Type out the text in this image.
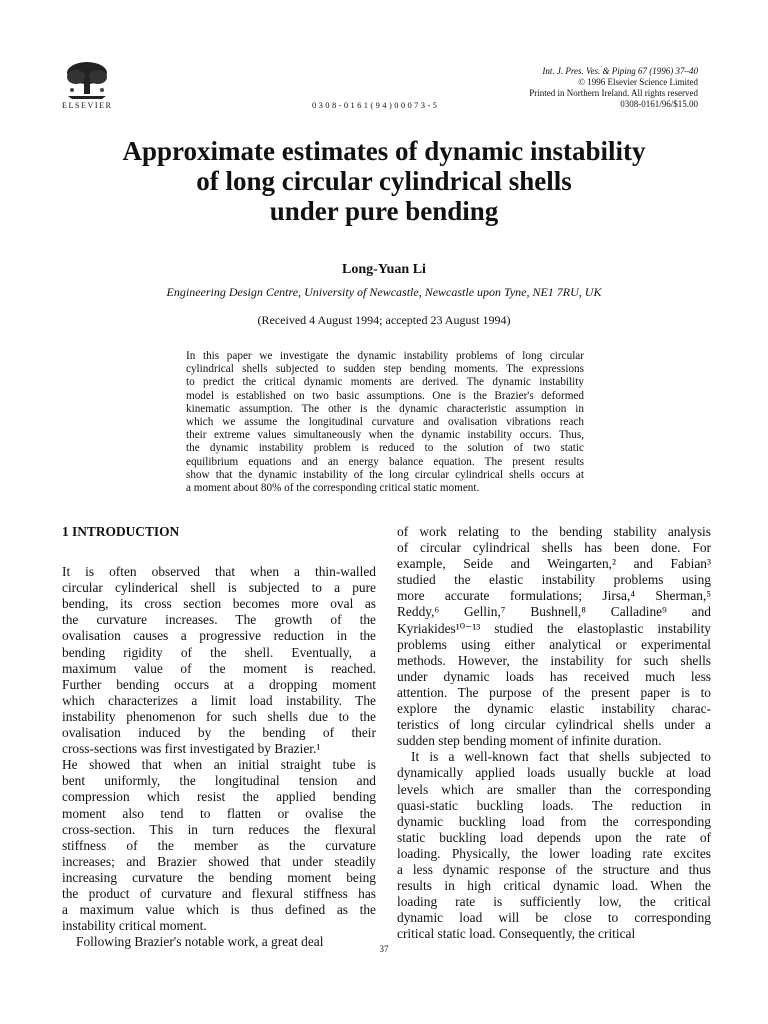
ELSEVIER	0308-0161(94)00073-5
Int. J. Pres. Ves. & Piping 67 (1996) 37–40
© 1996 Elsevier Science Limited
Printed in Northern Ireland. All rights reserved
0308-0161/96/$15.00
Approximate estimates of dynamic instability
of long circular cylindrical shells
under pure bending
Long-Yuan Li
Engineering Design Centre, University of Newcastle, Newcastle upon Tyne, NE1 7RU, UK
(Received 4 August 1994; accepted 23 August 1994)
In this paper we investigate the dynamic instability problems of long circular
cylindrical shells subjected to sudden step bending moments. The expressions
to predict the critical dynamic moments are derived. The dynamic instability
model is established on two basic assumptions. One is the Brazier's deformed
kinematic assumption. The other is the dynamic characteristic assumption in
which we assume the longitudinal curvature and ovalisation vibrations reach
their extreme values simultaneously when the dynamic instability occurs. Thus,
the dynamic instability problem is reduced to the solution of two static
equilibrium equations and an energy balance equation. The present results
show that the dynamic instability of the long circular cylindrical shells occurs at
a moment about 80% of the corresponding critical static moment.
1 INTRODUCTION
It is often observed that when a thin-walled
circular cylinderical shell is subjected to a pure
bending, its cross section becomes more oval as
the curvature increases. The growth of the
ovalisation causes a progressive reduction in the
bending rigidity of the shell. Eventually, a
maximum value of the moment is reached.
Further bending occurs at a dropping moment
which characterizes a limit load instability. The
instability phenomenon for such shells due to the
ovalisation induced by the bending of their
cross-sections was first investigated by Brazier.¹
He showed that when an initial straight tube is
bent uniformly, the longitudinal tension and
compression which resist the applied bending
moment also tend to flatten or ovalise the
cross-section. This in turn reduces the flexural
stiffness of the member as the curvature
increases; and Brazier showed that under steadily
increasing curvature the bending moment being
the product of curvature and flexural stiffness has
a maximum value which is thus defined as the
instability critical moment.
Following Brazier's notable work, a great deal
of work relating to the bending stability analysis
of circular cylindrical shells has been done. For
example, Seide and Weingarten,² and Fabian³
studied the elastic instability problems using
more accurate formulations; Jirsa,⁴ Sherman,⁵
Reddy,⁶ Gellin,⁷ Bushnell,⁸ Calladine⁹ and
Kyriakides¹⁰⁻¹³ studied the elastoplastic instability
problems using either analytical or experimental
methods. However, the instability for such shells
under dynamic loads has received much less
attention. The purpose of the present paper is to
explore the dynamic elastic instability charac-
teristics of long circular cylindrical shells under a
sudden step bending moment of infinite duration.
It is a well-known fact that shells subjected to
dynamically applied loads usually buckle at load
levels which are smaller than the corresponding
quasi-static buckling loads. The reduction in
dynamic buckling load from the corresponding
static buckling load depends upon the rate of
loading. Physically, the lower loading rate excites
a less dynamic response of the structure and thus
results in high critical dynamic load. When the
loading rate is sufficiently low, the critical
dynamic load will be close to corresponding
critical static load. Consequently, the critical
37
